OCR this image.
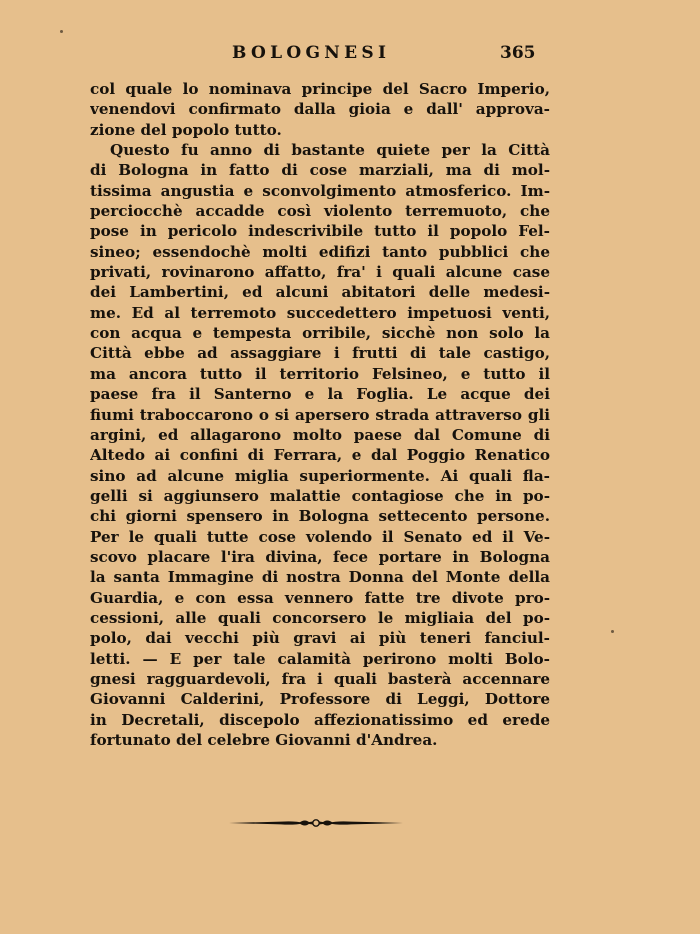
BOLOGNESI	365
col quale lo nominava principe del Sacro Imperio,
venendovi confirmato dalla gioia e dall' approva-
zione del popolo tutto.
Questo fu anno di bastante quiete per la Città
di Bologna in fatto di cose marziali, ma di mol-
tissima angustia e sconvolgimento atmosferico. Im-
perciocchè accadde così violento terremuoto, che
pose in pericolo indescrivibile tutto il popolo Fel-
sineo; essendochè molti edifizi tanto pubblici che
privati, rovinarono affatto, fra' i quali alcune case
dei Lambertini, ed alcuni abitatori delle medesi-
me. Ed al terremoto succedettero impetuosi venti,
con acqua e tempesta orribile, sicchè non solo la
Città ebbe ad assaggiare i frutti di tale castigo,
ma ancora tutto il territorio Felsineo, e tutto il
paese fra il Santerno e la Foglia. Le acque dei
fiumi traboccarono o si apersero strada attraverso gli
argini, ed allagarono molto paese dal Comune di
Altedo ai confini di Ferrara, e dal Poggio Renatico
sino ad alcune miglia superiormente. Ai quali fla-
gelli si aggiunsero malattie contagiose che in po-
chi giorni spensero in Bologna settecento persone.
Per le quali tutte cose volendo il Senato ed il Ve-
scovo placare l'ira divina, fece portare in Bologna
la santa Immagine di nostra Donna del Monte della
Guardia, e con essa vennero fatte tre divote pro-
cessioni, alle quali concorsero le migliaia del po-
polo, dai vecchi più gravi ai più teneri fanciul-
letti. — E per tale calamità perirono molti Bolo-
gnesi ragguardevoli, fra i quali basterà accennare
Giovanni Calderini, Professore di Leggi, Dottore
in Decretali, discepolo affezionatissimo ed erede
fortunato del celebre Giovanni d'Andrea.
